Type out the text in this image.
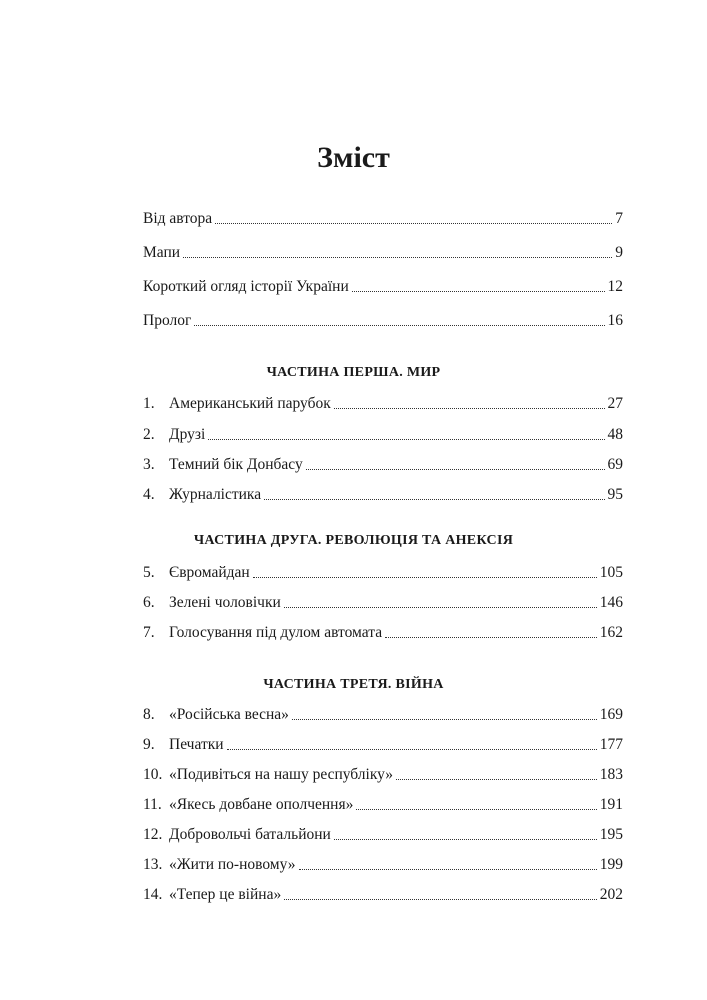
Зміст
Від автора	7
Мапи	9
Короткий огляд історії України	12
Пролог	16
ЧАСТИНА ПЕРША. МИР
1. Американський парубок	27
2. Друзі	48
3. Темний бік Донбасу	69
4. Журналістика	95
ЧАСТИНА ДРУГА. РЕВОЛЮЦІЯ ТА АНЕКСІЯ
5. Євромайдан	105
6. Зелені чоловічки	146
7. Голосування під дулом автомата	162
ЧАСТИНА ТРЕТЯ. ВІЙНА
8. «Російська весна»	169
9. Печатки	177
10. «Подивіться на нашу республіку»	183
11. «Якесь довбане ополчення»	191
12. Добровольчі батальйони	195
13. «Жити по-новому»	199
14. «Тепер це війна»	202
